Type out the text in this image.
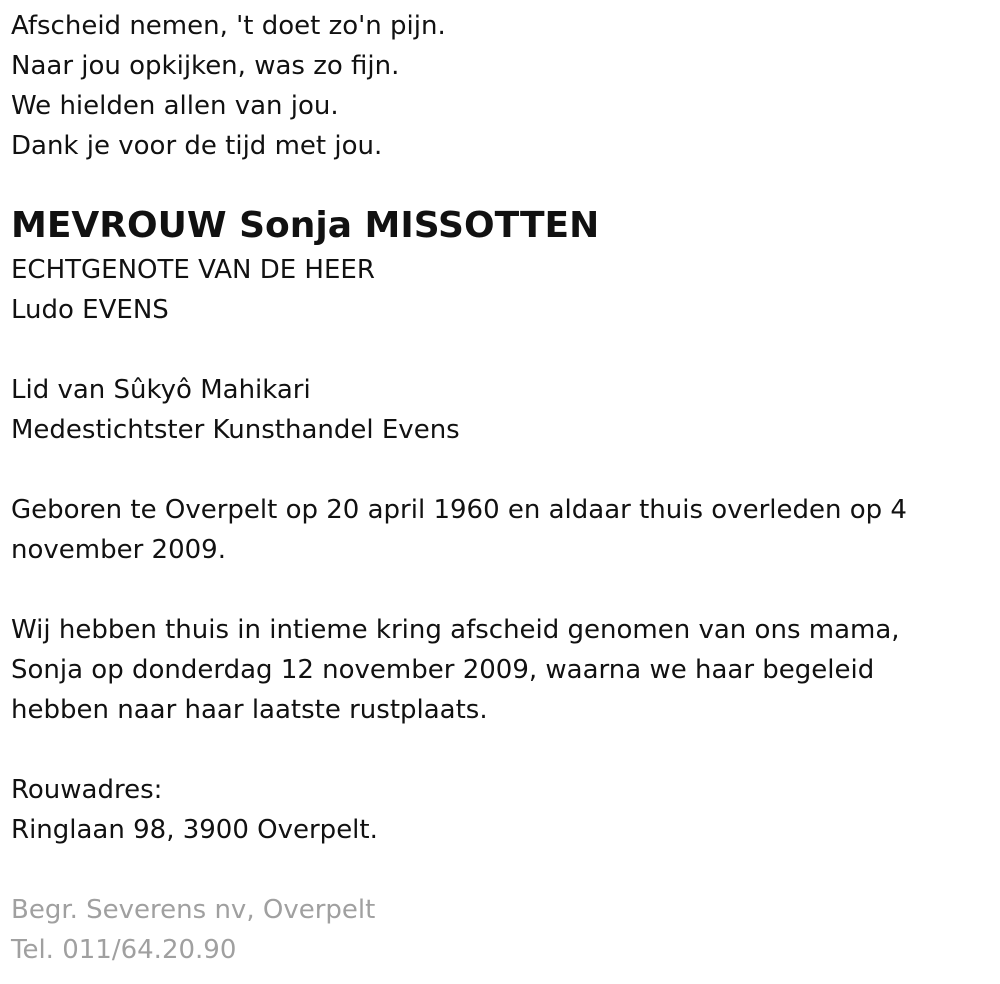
Afscheid nemen, 't doet zo'n pijn.

Naar jou opkijken, was zo fijn.

We hielden allen van jou.

Dank je voor de tijd met jou.

MEVROUW Sonja MISSOTTEN

ECHTGENOTE VAN DE HEER

Ludo EVENS

Lid van Sûkyô Mahikari

Medestichtster Kunsthandel Evens

Geboren te Overpelt op 20 april 1960 en aldaar thuis overleden op 4

november 2009.

Wij hebben thuis in intieme kring afscheid genomen van ons mama,

Sonja op donderdag 12 november 2009, waarna we haar begeleid

hebben naar haar laatste rustplaats.

Rouwadres:

Ringlaan 98, 3900 Overpelt.

Begr. Severens nv, Overpelt

Tel. 011/64.20.90
